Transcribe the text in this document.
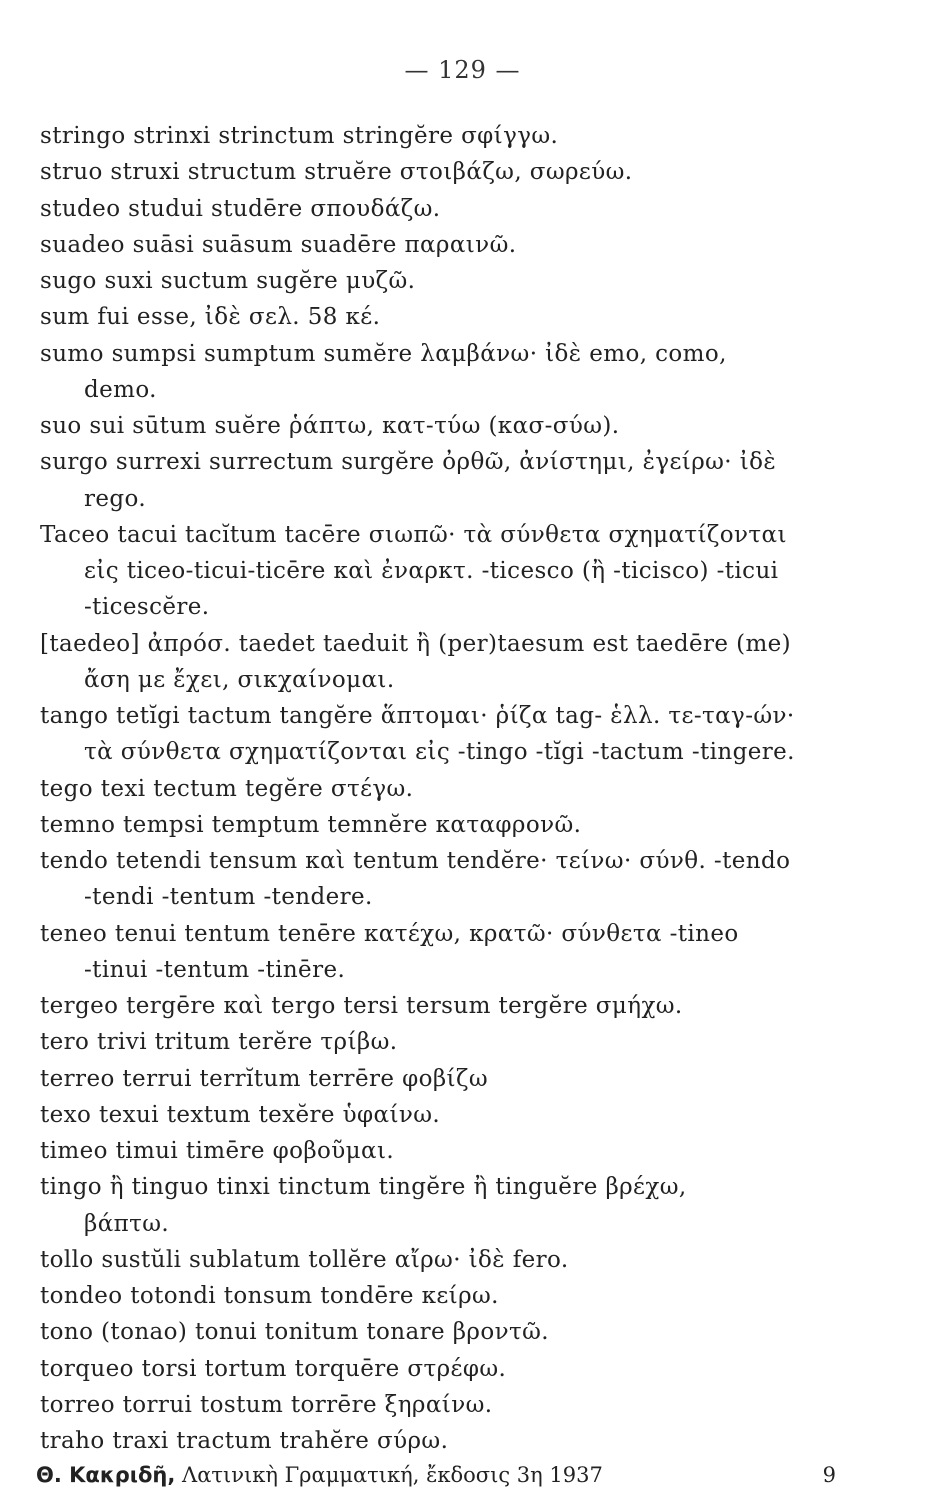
— 129 —
stringo strinxi strinctum stringĕre σφίγγω.
struo struxi structum struĕre στοιβάζω, σωρεύω.
studeo studui studēre σπουδάζω.
suadeo suāsi suāsum suadēre παραινῶ.
sugo suxi suctum sugĕre μυζῶ.
sum fui esse, ἰδὲ σελ. 58 κέ.
sumo sumpsi sumptum sumĕre λαμβάνω· ἰδὲ emo, como,
demo.
suo sui sūtum suĕre ῥάπτω, κατ-τύω (κασ-σύω).
surgo surrexi surrectum surgĕre ὀρθῶ, ἀνίστημι, ἐγείρω· ἰδὲ
rego.
Taceo tacui tacĭtum tacēre σιωπῶ· τὰ σύνθετα σχηματίζονται
εἰς ticeo-ticui-ticēre καὶ ἐναρκτ. -ticesco (ἢ -ticisco) -ticui
-ticescĕre.
[taedeo] ἀπρόσ. taedet taeduit ἢ (per)taesum est taedēre (me)
ἄση με ἔχει, σικχαίνομαι.
tango tetĭgi tactum tangĕre ἅπτομαι· ῥίζα tag- ἑλλ. τε-ταγ-ών·
τὰ σύνθετα σχηματίζονται εἰς -tingo -tĭgi -tactum -tingere.
tego texi tectum tegĕre στέγω.
temno tempsi temptum temnĕre καταφρονῶ.
tendo tetendi tensum καὶ tentum tendĕre· τείνω· σύνθ. -tendo
-tendi -tentum -tendere.
teneo tenui tentum tenēre κατέχω, κρατῶ· σύνθετα -tineo
-tinui -tentum -tinēre.
tergeo tergēre καὶ tergo tersi tersum tergĕre σμήχω.
tero trivi tritum terĕre τρίβω.
terreo terrui terrĭtum terrēre φοβίζω
texo texui textum texĕre ὑφαίνω.
timeo timui timēre φοβοῦμαι.
tingo ἢ tinguo tinxi tinctum tingĕre ἢ tinguĕre βρέχω,
βάπτω.
tollo sustŭli sublatum tollĕre αἴρω· ἰδὲ fero.
tondeo totondi tonsum tondēre κείρω.
tono (tonao) tonui tonitum tonare βροντῶ.
torqueo torsi tortum torquēre στρέφω.
torreo torrui tostum torrēre ξηραίνω.
traho traxi tractum trahĕre σύρω.
Θ. Κακριδῆ, Λατινικὴ Γραμματική, ἔκδοσις 3η 1937	9
